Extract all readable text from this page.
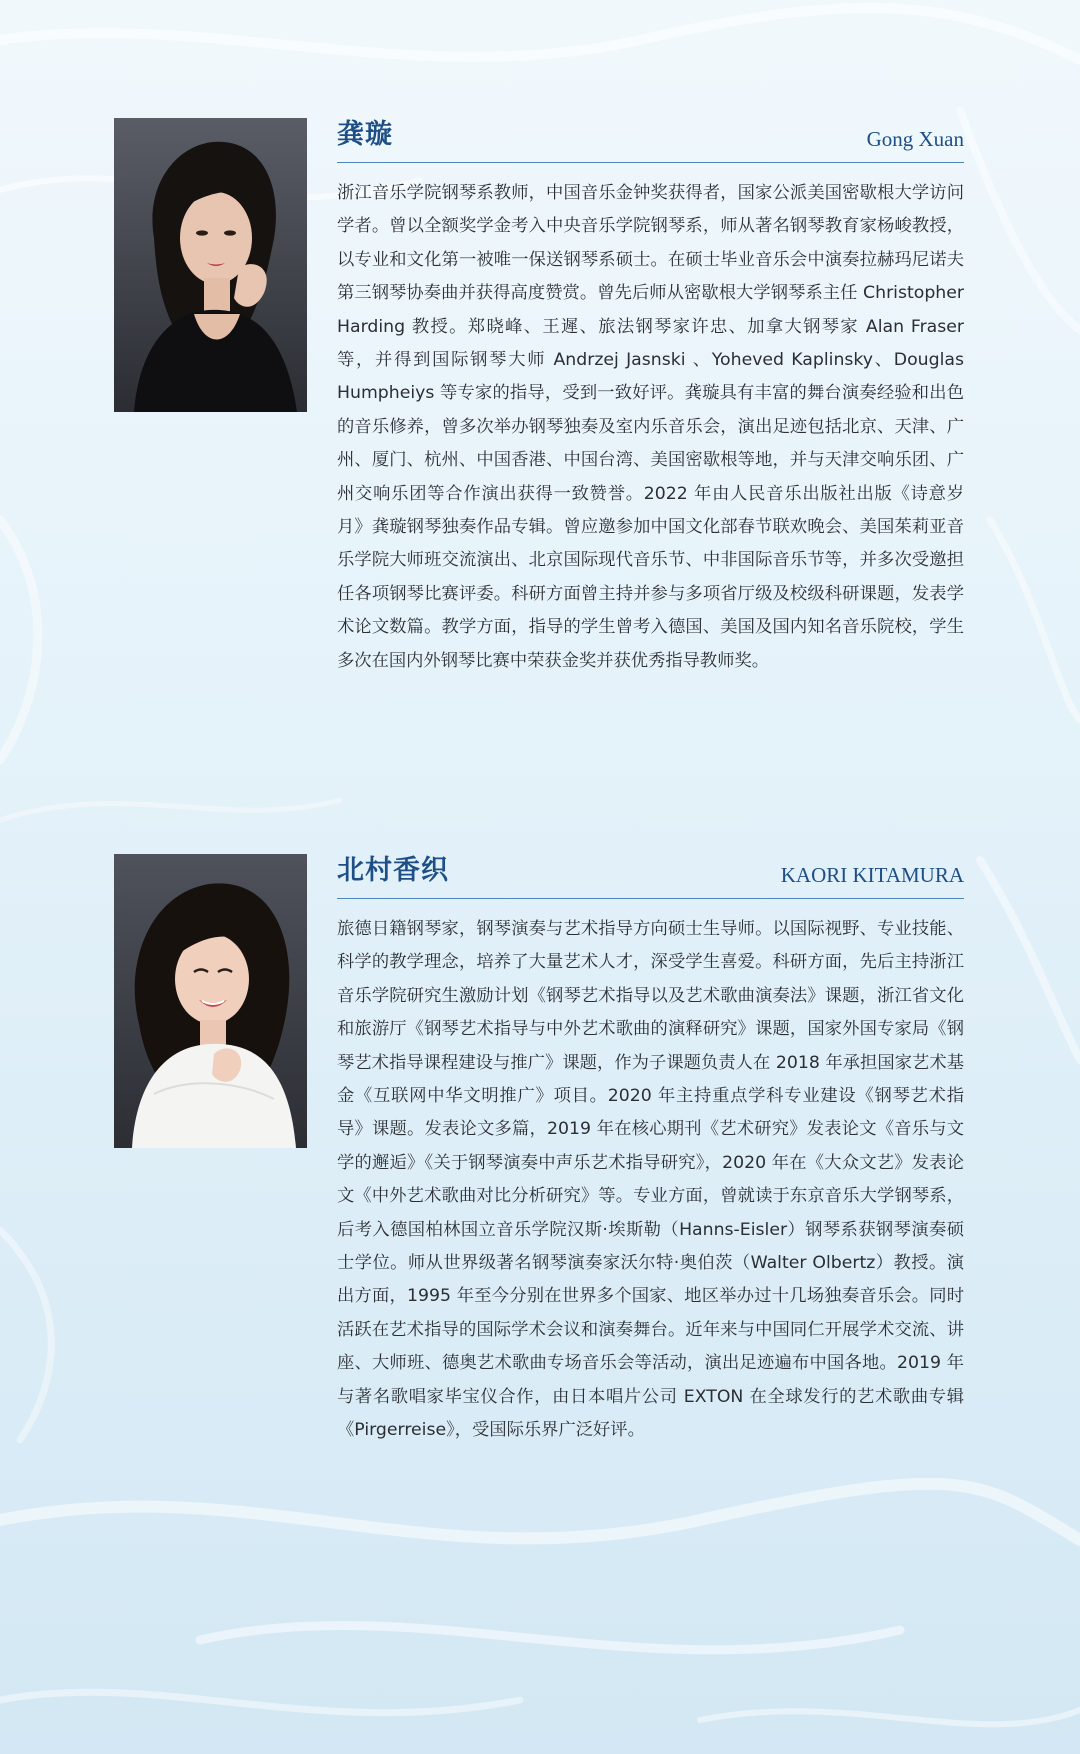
龚璇	Gong Xuan

浙江音乐学院钢琴系教师，中国音乐金钟奖获得者，国家公派美国密歇根大学访问学者。曾以全额奖学金考入中央音乐学院钢琴系，师从著名钢琴教育家杨峻教授，以专业和文化第一被唯一保送钢琴系硕士。在硕士毕业音乐会中演奏拉赫玛尼诺夫第三钢琴协奏曲并获得高度赞赏。曾先后师从密歇根大学钢琴系主任 Christopher Harding 教授。郑晓峰、王遲、旅法钢琴家许忠、加拿大钢琴家 Alan Fraser 等，并得到国际钢琴大师 Andrzej Jasnski 、Yoheved Kaplinsky、Douglas Humpheiys 等专家的指导，受到一致好评。龚璇具有丰富的舞台演奏经验和出色的音乐修养，曾多次举办钢琴独奏及室内乐音乐会，演出足迹包括北京、天津、广州、厦门、杭州、中国香港、中国台湾、美国密歇根等地，并与天津交响乐团、广州交响乐团等合作演出获得一致赞誉。2022 年由人民音乐出版社出版《诗意岁月》龚璇钢琴独奏作品专辑。曾应邀参加中国文化部春节联欢晚会、美国茱莉亚音乐学院大师班交流演出、北京国际现代音乐节、中非国际音乐节等，并多次受邀担任各项钢琴比赛评委。科研方面曾主持并参与多项省厅级及校级科研课题，发表学术论文数篇。教学方面，指导的学生曾考入德国、美国及国内知名音乐院校，学生多次在国内外钢琴比赛中荣获金奖并获优秀指导教师奖。

北村香织	KAORI KITAMURA

旅德日籍钢琴家，钢琴演奏与艺术指导方向硕士生导师。以国际视野、专业技能、科学的教学理念，培养了大量艺术人才，深受学生喜爱。科研方面，先后主持浙江音乐学院研究生激励计划《钢琴艺术指导以及艺术歌曲演奏法》课题，浙江省文化和旅游厅《钢琴艺术指导与中外艺术歌曲的演释研究》课题，国家外国专家局《钢琴艺术指导课程建设与推广》课题，作为子课题负责人在 2018 年承担国家艺术基金《互联网中华文明推广》项目。2020 年主持重点学科专业建设《钢琴艺术指导》课题。发表论文多篇，2019 年在核心期刊《艺术研究》发表论文《音乐与文学的邂逅》《关于钢琴演奏中声乐艺术指导研究》，2020 年在《大众文艺》发表论文《中外艺术歌曲对比分析研究》等。专业方面，曾就读于东京音乐大学钢琴系，后考入德国柏林国立音乐学院汉斯·埃斯勒（Hanns-Eisler）钢琴系获钢琴演奏硕士学位。师从世界级著名钢琴演奏家沃尔特·奥伯茨（Walter Olbertz）教授。演出方面，1995 年至今分别在世界多个国家、地区举办过十几场独奏音乐会。同时活跃在艺术指导的国际学术会议和演奏舞台。近年来与中国同仁开展学术交流、讲座、大师班、德奥艺术歌曲专场音乐会等活动，演出足迹遍布中国各地。2019 年与著名歌唱家毕宝仪合作，由日本唱片公司 EXTON 在全球发行的艺术歌曲专辑《Pirgerreise》，受国际乐界广泛好评。
